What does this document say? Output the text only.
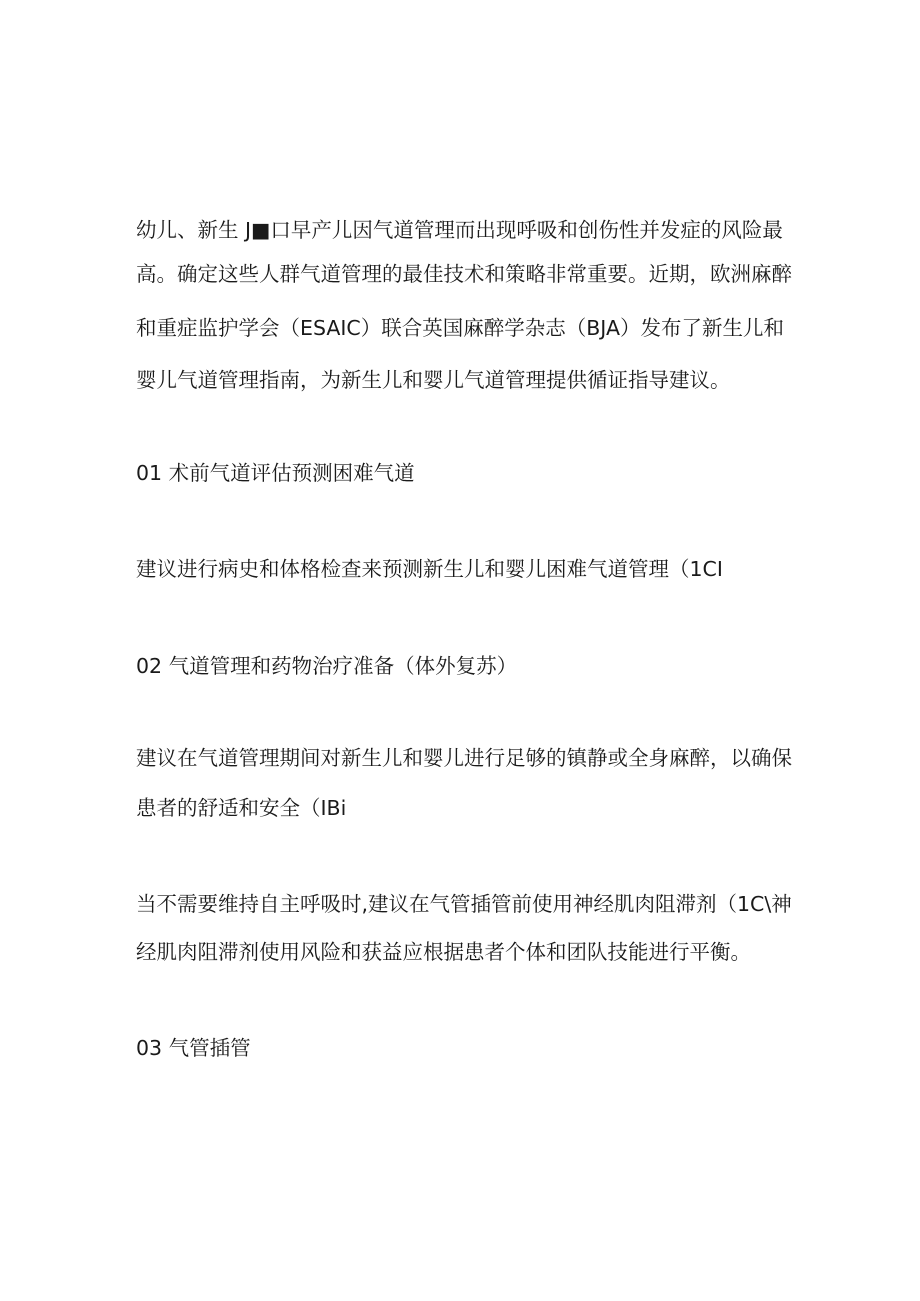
幼儿、新生 J■口早产儿因气道管理而出现呼吸和创伤性并发症的风险最
高。确定这些人群气道管理的最佳技术和策略非常重要。近期，欧洲麻醉
和重症监护学会（ESAIC）联合英国麻醉学杂志（BJA）发布了新生儿和
婴儿气道管理指南，为新生儿和婴儿气道管理提供循证指导建议。
01 术前气道评估预测困难气道
建议进行病史和体格检查来预测新生儿和婴儿困难气道管理（1CI
02 气道管理和药物治疗准备（体外复苏）
建议在气道管理期间对新生儿和婴儿进行足够的镇静或全身麻醉，以确保
患者的舒适和安全（IBi
当不需要维持自主呼吸时,建议在气管插管前使用神经肌肉阻滞剂（1C\神
经肌肉阻滞剂使用风险和获益应根据患者个体和团队技能进行平衡。
03 气管插管
